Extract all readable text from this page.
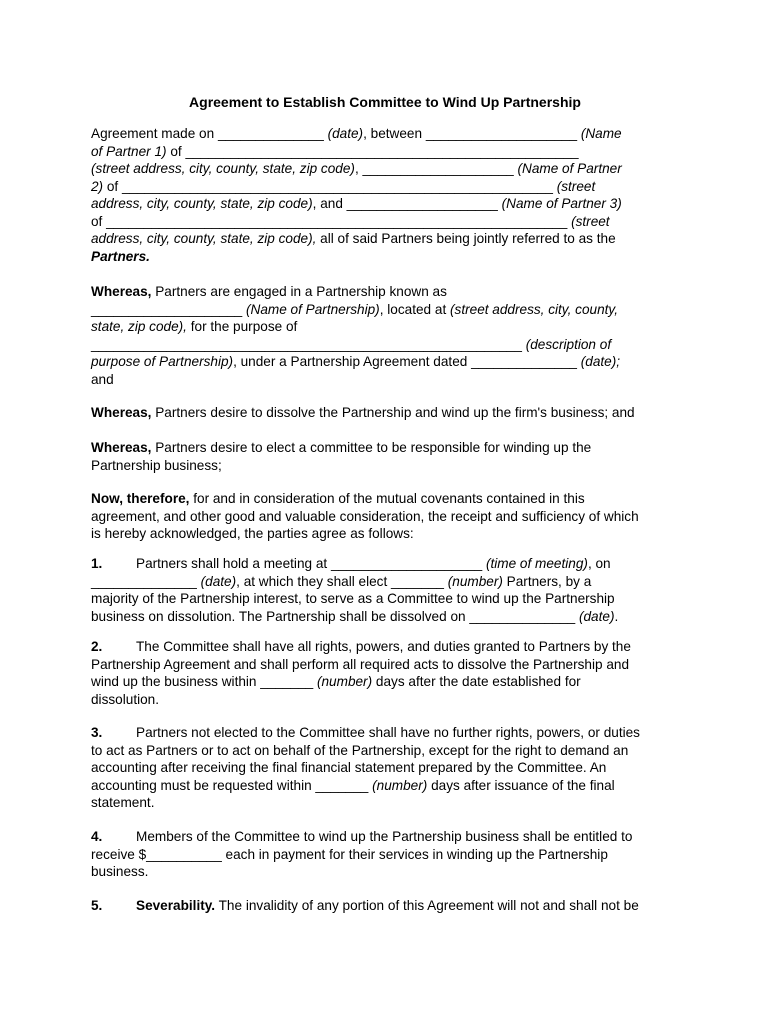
Agreement to Establish Committee to Wind Up Partnership
Agreement made on ______________ (date), between ____________________ (Name
of Partner 1) of ____________________________________________________
(street address, city, county, state, zip code), ____________________ (Name of Partner
2) of _________________________________________________________ (street
address, city, county, state, zip code), and ____________________ (Name of Partner 3)
of _____________________________________________________________ (street
address, city, county, state, zip code), all of said Partners being jointly referred to as the
Partners.
Whereas, Partners are engaged in a Partnership known as
____________________ (Name of Partnership), located at (street address, city, county,
state, zip code), for the purpose of
_________________________________________________________ (description of
purpose of Partnership), under a Partnership Agreement dated ______________ (date);
and
Whereas, Partners desire to dissolve the Partnership and wind up the firm's business; and
Whereas, Partners desire to elect a committee to be responsible for winding up the
Partnership business;
Now, therefore, for and in consideration of the mutual covenants contained in this
agreement, and other good and valuable consideration, the receipt and sufficiency of which
is hereby acknowledged, the parties agree as follows:
1. Partners shall hold a meeting at ____________________ (time of meeting), on
______________ (date), at which they shall elect _______ (number) Partners, by a
majority of the Partnership interest, to serve as a Committee to wind up the Partnership
business on dissolution. The Partnership shall be dissolved on ______________ (date).
2. The Committee shall have all rights, powers, and duties granted to Partners by the
Partnership Agreement and shall perform all required acts to dissolve the Partnership and
wind up the business within _______ (number) days after the date established for
dissolution.
3. Partners not elected to the Committee shall have no further rights, powers, or duties
to act as Partners or to act on behalf of the Partnership, except for the right to demand an
accounting after receiving the final financial statement prepared by the Committee. An
accounting must be requested within _______ (number) days after issuance of the final
statement.
4. Members of the Committee to wind up the Partnership business shall be entitled to
receive $__________ each in payment for their services in winding up the Partnership
business.
5. Severability. The invalidity of any portion of this Agreement will not and shall not be
